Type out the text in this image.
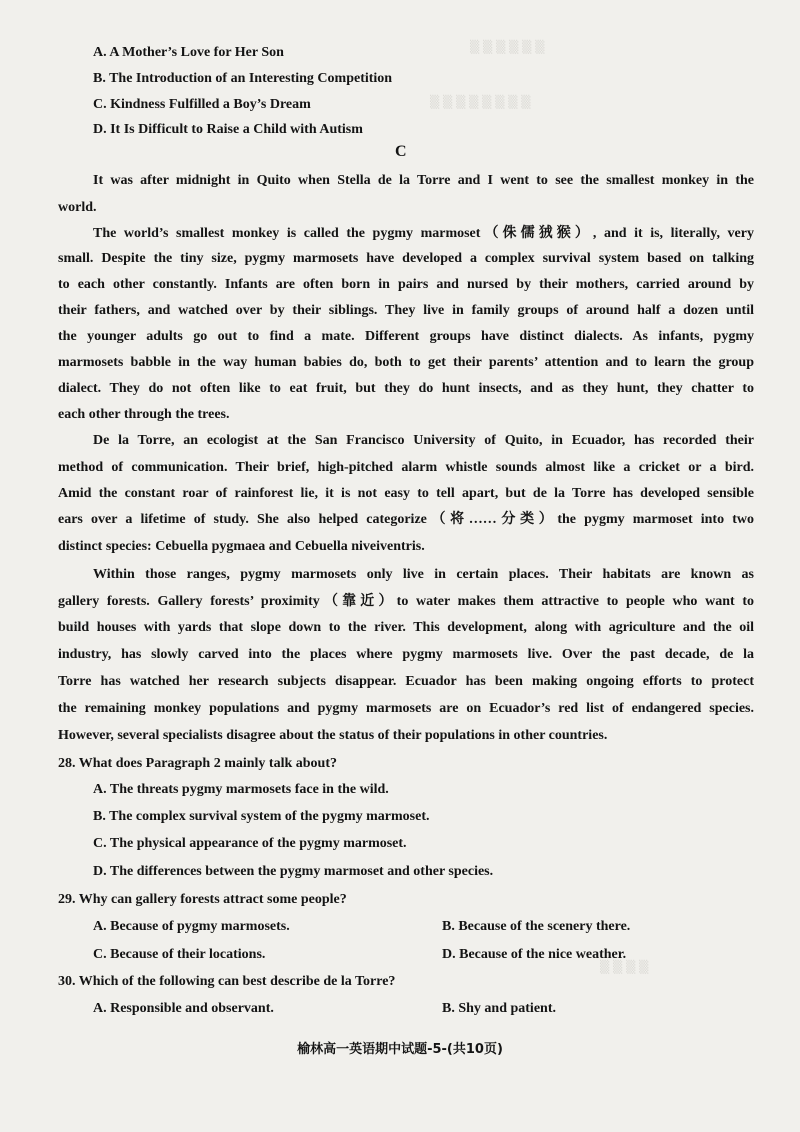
▒ ▒ ▒ ▒ ▒ ▒
▒ ▒ ▒ ▒ ▒ ▒ ▒ ▒
▒ ▒ ▒ ▒
A. A Mother’s Love for Her Son
B. The Introduction of an Interesting Competition
C. Kindness Fulfilled a Boy’s Dream
D. It Is Difficult to Raise a Child with Autism
C
It was after midnight in Quito when Stella de la Torre and I went to see the smallest monkey in the
world.
The world’s smallest monkey is called the pygmy marmoset（侏儒狨猴）, and it is, literally, very
small. Despite the tiny size, pygmy marmosets have developed a complex survival system based on talking
to each other constantly. Infants are often born in pairs and nursed by their mothers, carried around by
their fathers, and watched over by their siblings. They live in family groups of around half a dozen until
the younger adults go out to find a mate. Different groups have distinct dialects. As infants, pygmy
marmosets babble in the way human babies do, both to get their parents’ attention and to learn the group
dialect. They do not often like to eat fruit, but they do hunt insects, and as they hunt, they chatter to
each other through the trees.
De la Torre, an ecologist at the San Francisco University of Quito, in Ecuador, has recorded their
method of communication. Their brief, high-pitched alarm whistle sounds almost like a cricket or a bird.
Amid the constant roar of rainforest lie, it is not easy to tell apart, but de la Torre has developed sensible
ears over a lifetime of study. She also helped categorize（将……分类）the pygmy marmoset into two
distinct species: Cebuella pygmaea and Cebuella niveiventris.
Within those ranges, pygmy marmosets only live in certain places. Their habitats are known as
gallery forests. Gallery forests’ proximity（靠近）to water makes them attractive to people who want to
build houses with yards that slope down to the river. This development, along with agriculture and the oil
industry, has slowly carved into the places where pygmy marmosets live. Over the past decade, de la
Torre has watched her research subjects disappear. Ecuador has been making ongoing efforts to protect
the remaining monkey populations and pygmy marmosets are on Ecuador’s red list of endangered species.
However, several specialists disagree about the status of their populations in other countries.
28. What does Paragraph 2 mainly talk about?
A. The threats pygmy marmosets face in the wild.
B. The complex survival system of the pygmy marmoset.
C. The physical appearance of the pygmy marmoset.
D. The differences between the pygmy marmoset and other species.
29. Why can gallery forests attract some people?
A. Because of pygmy marmosets.	B. Because of the scenery there.
C. Because of their locations.	D. Because of the nice weather.
30. Which of the following can best describe de la Torre?
A. Responsible and observant.	B. Shy and patient.
榆林高一英语期中试题-5-(共10页)
